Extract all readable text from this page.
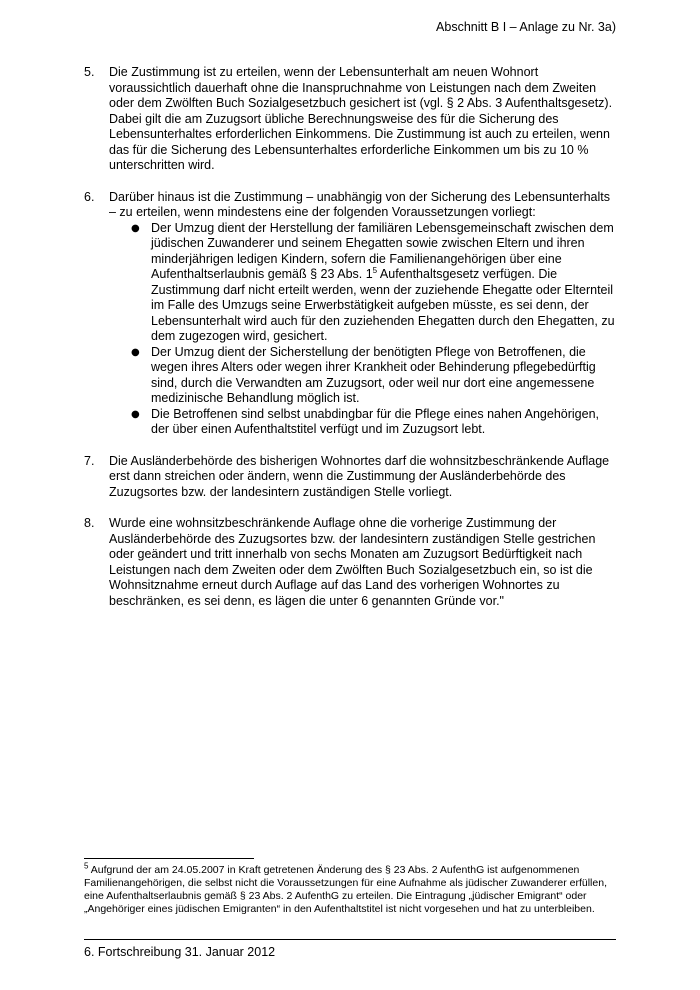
Abschnitt B I – Anlage zu Nr. 3a)
5.	Die Zustimmung ist zu erteilen, wenn der Lebensunterhalt am neuen Wohnort voraussichtlich dauerhaft ohne die Inanspruchnahme von Leistungen nach dem Zweiten oder dem Zwölften Buch Sozialgesetzbuch gesichert ist (vgl. § 2 Abs. 3 Aufenthaltsgesetz). Dabei gilt die am Zuzugsort übliche Berechnungsweise des für die Sicherung des Lebensunterhaltes erforderlichen Einkommens. Die Zustimmung ist auch zu erteilen, wenn das für die Sicherung des Lebensunterhaltes erforderliche Einkommen um bis zu 10 % unterschritten wird.

6.	Darüber hinaus ist die Zustimmung – unabhängig von der Sicherung des Lebensunterhalts – zu erteilen, wenn mindestens eine der folgenden Voraussetzungen vorliegt:

● Der Umzug dient der Herstellung der familiären Lebensgemeinschaft zwischen dem jüdischen Zuwanderer und seinem Ehegatten sowie zwischen Eltern und ihren minderjährigen ledigen Kindern, sofern die Familienangehörigen über eine Aufenthaltserlaubnis gemäß § 23 Abs. $1^5$ Aufenthaltsgesetz verfügen. Die Zustimmung darf nicht erteilt werden, wenn der zuziehende Ehegatte oder Elternteil im Falle des Umzugs seine Erwerbstätigkeit aufgeben müsste, es sei denn, der Lebensunterhalt wird auch für den zuziehenden Ehegatten durch den Ehegatten, zu dem zugezogen wird, gesichert.
● Der Umzug dient der Sicherstellung der benötigten Pflege von Betroffenen, die wegen ihres Alters oder wegen ihrer Krankheit oder Behinderung pflegebedürftig sind, durch die Verwandten am Zuzugsort, oder weil nur dort eine angemessene medizinische Behandlung möglich ist.
● Die Betroffenen sind selbst unabdingbar für die Pflege eines nahen Angehörigen, der über einen Aufenthaltstitel verfügt und im Zuzugsort lebt.
7.	Die Ausländerbehörde des bisherigen Wohnortes darf die wohnsitzbeschränkende Auflage erst dann streichen oder ändern, wenn die Zustimmung der Ausländerbehörde des Zuzugsortes bzw. der landesintern zuständigen Stelle vorliegt.

8.	Wurde eine wohnsitzbeschränkende Auflage ohne die vorherige Zustimmung der Ausländerbehörde des Zuzugsortes bzw. der landesintern zuständigen Stelle gestrichen oder geändert und tritt innerhalb von sechs Monaten am Zuzugsort Bedürftigkeit nach Leistungen nach dem Zweiten oder dem Zwölften Buch Sozialgesetzbuch ein, so ist die Wohnsitznahme erneut durch Auflage auf das Land des vorherigen Wohnortes zu beschränken, es sei denn, es lägen die unter 6 genannten Gründe vor."

$^5$ Aufgrund der am 24.05.2007 in Kraft getretenen Änderung des § 23 Abs. 2 AufenthG ist aufgenommenen Familienangehörigen, die selbst nicht die Voraussetzungen für eine Aufnahme als jüdischer Zuwanderer erfüllen, eine Aufenthaltserlaubnis gemäß § 23 Abs. 2 AufenthG zu erteilen. Die Eintragung „jüdischer Emigrant“ oder „Angehöriger eines jüdischen Emigranten“ in den Aufenthaltstitel ist nicht vorgesehen und hat zu unterbleiben.
6. Fortschreibung 31. Januar 2012
